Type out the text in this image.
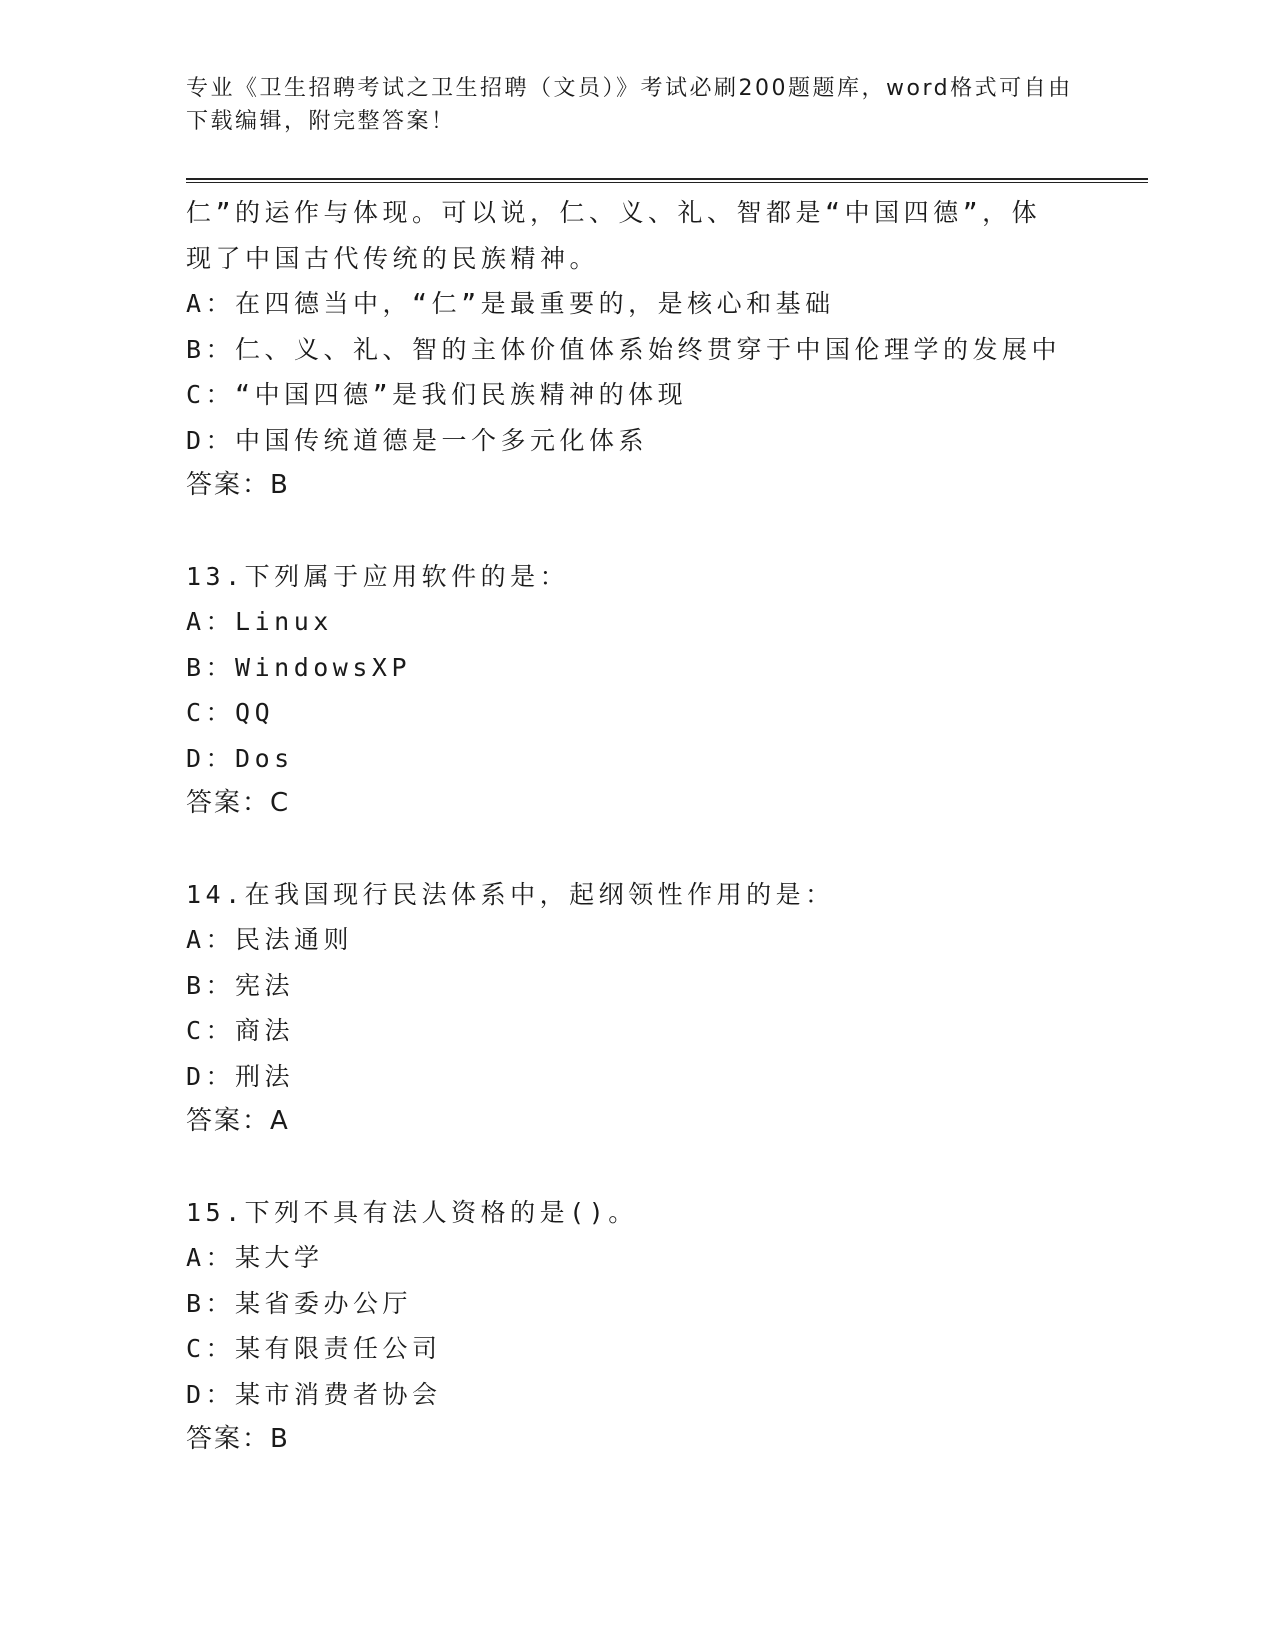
专业《卫生招聘考试之卫生招聘（文员）》考试必刷200题题库，word格式可自由下载编辑，附完整答案！
仁”的运作与体现。可以说，仁、义、礼、智都是“中国四德”，体
现了中国古代传统的民族精神。
A：在四德当中，“仁”是最重要的，是核心和基础
B：仁、义、礼、智的主体价值体系始终贯穿于中国伦理学的发展中
C：“中国四德”是我们民族精神的体现
D：中国传统道德是一个多元化体系
答案：B
13.下列属于应用软件的是：
A：Linux
B：WindowsXP
C：QQ
D：Dos
答案：C
14.在我国现行民法体系中，起纲领性作用的是：
A：民法通则
B：宪法
C：商法
D：刑法
答案：A
15.下列不具有法人资格的是()。
A：某大学
B：某省委办公厅
C：某有限责任公司
D：某市消费者协会
答案：B
